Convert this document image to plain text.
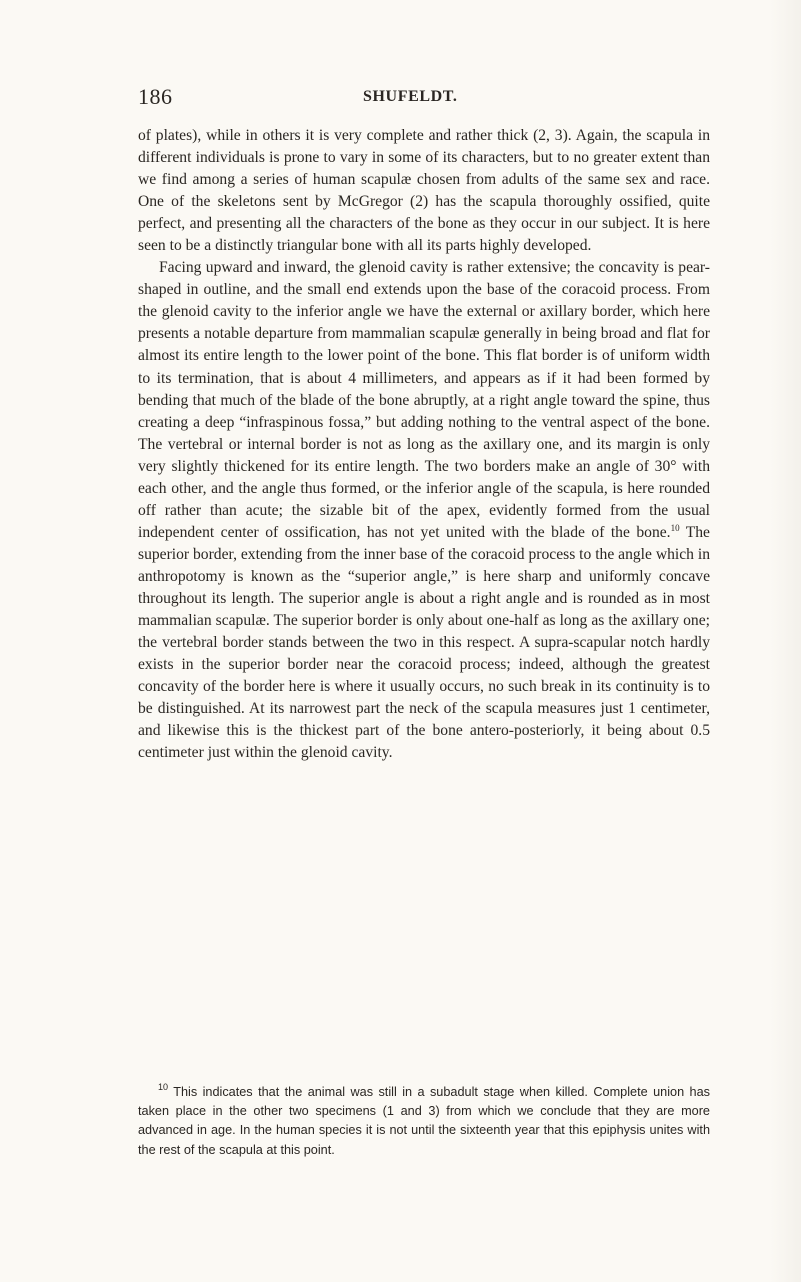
186	SHUFELDT.

of plates), while in others it is very complete and rather thick (2, 3). Again, the scapula in different individuals is prone to vary in some of its characters, but to no greater extent than we find among a series of human scapulæ chosen from adults of the same sex and race. One of the skeletons sent by McGregor (2) has the scapula thoroughly ossified, quite perfect, and presenting all the characters of the bone as they occur in our subject. It is here seen to be a distinctly triangular bone with all its parts highly developed.

Facing upward and inward, the glenoid cavity is rather extensive; the concavity is pear-shaped in outline, and the small end extends upon the base of the coracoid process. From the glenoid cavity to the inferior angle we have the external or axillary border, which here presents a notable departure from mammalian scapulæ generally in being broad and flat for almost its entire length to the lower point of the bone. This flat border is of uniform width to its termination, that is about 4 millimeters, and appears as if it had been formed by bending that much of the blade of the bone abruptly, at a right angle toward the spine, thus creating a deep “infraspinous fossa,” but adding nothing to the ventral aspect of the bone. The vertebral or internal border is not as long as the axillary one, and its margin is only very slightly thickened for its entire length. The two borders make an angle of 30° with each other, and the angle thus formed, or the inferior angle of the scapula, is here rounded off rather than acute; the sizable bit of the apex, evidently formed from the usual independent center of ossification, has not yet united with the blade of the bone.$^{10}$ The superior border, extending from the inner base of the coracoid process to the angle which in anthropotomy is known as the “superior angle,” is here sharp and uniformly concave throughout its length. The superior angle is about a right angle and is rounded as in most mammalian scapulæ. The superior border is only about one-half as long as the axillary one; the vertebral border stands between the two in this respect. A supra-scapular notch hardly exists in the superior border near the coracoid process; indeed, although the greatest concavity of the border here is where it usually occurs, no such break in its continuity is to be distinguished. At its narrowest part the neck of the scapula measures just 1 centimeter, and likewise this is the thickest part of the bone antero-posteriorly, it being about 0.5 centimeter just within the glenoid cavity.

$^{10}$ This indicates that the animal was still in a subadult stage when killed. Complete union has taken place in the other two specimens (1 and 3) from which we conclude that they are more advanced in age. In the human species it is not until the sixteenth year that this epiphysis unites with the rest of the scapula at this point.
